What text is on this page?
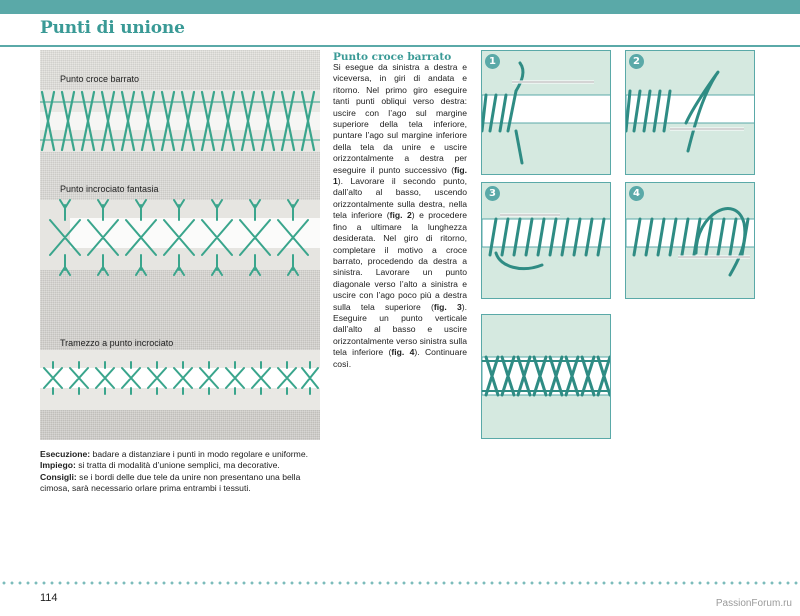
Punti di unione
Punto croce barrato
Punto incrociato fantasia
Tramezzo a punto incrociato
Punto croce barrato
Si esegue da sinistra a destra e viceversa, in giri di andata e ritorno. Nel primo giro eseguire tanti punti obliqui verso destra: uscire con l’ago sul margine superiore della tela inferiore, puntare l’ago sul margine inferiore della tela da unire e uscire orizzontalmente a destra per eseguire il punto successivo (fig. 1). Lavorare il secondo punto, dall’alto al basso, uscendo orizzontalmente sulla destra, nella tela inferiore (fig. 2) e procedere fino a ultimare la lunghezza desiderata. Nel giro di ritorno, completare il motivo a croce barrato, procedendo da destra a sinistra. Lavorare un punto diagonale verso l’alto a sinistra e uscire con l’ago poco più a destra sulla tela superiore (fig. 3). Eseguire un punto verticale dall’alto al basso e uscire orizzontalmente verso sinistra sulla tela inferiore (fig. 4). Continuare così.

Esecuzione: badare a distanziare i punti in modo regolare e uniforme.

Impiego: si tratta di modalità d’unione semplici, ma decorative.

Consigli: se i bordi delle due tele da unire non presentano una bella cimosa, sarà necessario orlare prima entrambi i tessuti.

1	2
3	4
114	PassionForum.ru
